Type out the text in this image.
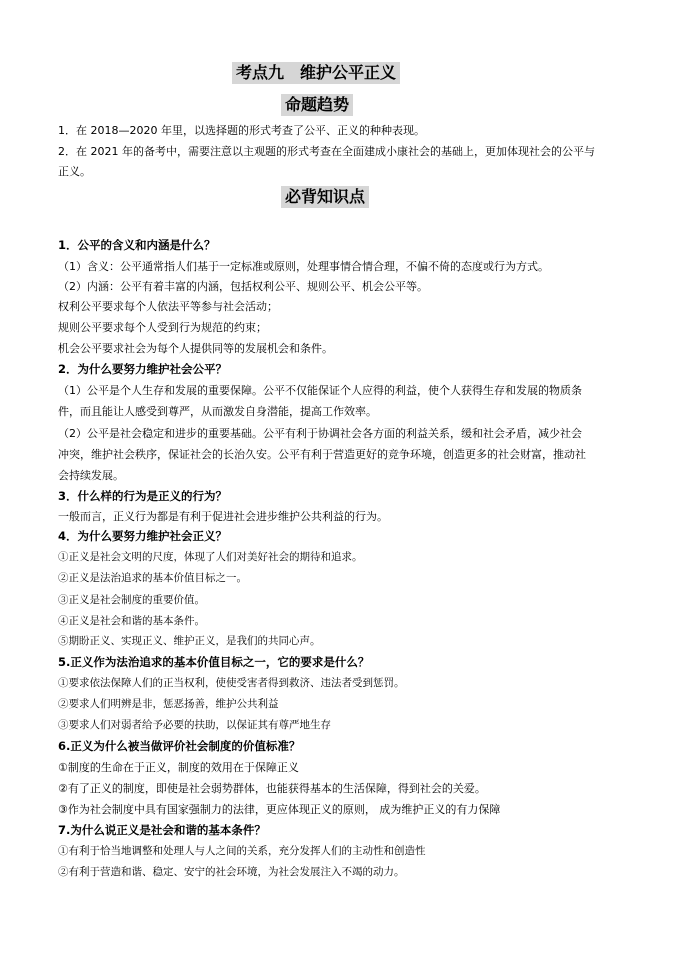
考点九　维护公平正义
命题趋势
1．在 2018—2020 年里，以选择题的形式考查了公平、正义的种种表现。
2．在 2021 年的备考中，需要注意以主观题的形式考查在全面建成小康社会的基础上，更加体现社会的公平与
正义。
必背知识点
1．公平的含义和内涵是什么？
（1）含义：公平通常指人们基于一定标准或原则，处理事情合情合理，不偏不倚的态度或行为方式。
（2）内涵：公平有着丰富的内涵，包括权利公平、规则公平、机会公平等。
权利公平要求每个人依法平等参与社会活动；
规则公平要求每个人受到行为规范的约束；
机会公平要求社会为每个人提供同等的发展机会和条件。
2．为什么要努力维护社会公平？
（1）公平是个人生存和发展的重要保障。公平不仅能保证个人应得的利益，使个人获得生存和发展的物质条
件，而且能让人感受到尊严，从而激发自身潜能，提高工作效率。
（2）公平是社会稳定和进步的重要基础。公平有利于协调社会各方面的利益关系，缓和社会矛盾，减少社会
冲突，维护社会秩序，保证社会的长治久安。公平有利于营造更好的竞争环境，创造更多的社会财富，推动社
会持续发展。
3．什么样的行为是正义的行为？
一般而言，正义行为都是有利于促进社会进步维护公共利益的行为。
4．为什么要努力维护社会正义？
①正义是社会文明的尺度，体现了人们对美好社会的期待和追求。
②正义是法治追求的基本价值目标之一。
③正义是社会制度的重要价值。
④正义是社会和谐的基本条件。
⑤期盼正义、实现正义、维护正义，是我们的共同心声。
5.正义作为法治追求的基本价值目标之一，它的要求是什么？
①要求依法保障人们的正当权利，使使受害者得到救济、违法者受到惩罚。
②要求人们明辨是非，惩恶扬善，维护公共利益
③要求人们对弱者给予必要的扶助，以保证其有尊严地生存
6.正义为什么被当做评价社会制度的价值标准？
①制度的生命在于正义，制度的效用在于保障正义
②有了正义的制度，即使是社会弱势群体，也能获得基本的生活保障，得到社会的关爱。
③作为社会制度中具有国家强制力的法律，更应体现正义的原则， 成为维护正义的有力保障
7.为什么说正义是社会和谐的基本条件？
①有利于恰当地调整和处理人与人之间的关系，充分发挥人们的主动性和创造性
②有利于营造和谐、稳定、安宁的社会环境，为社会发展注入不竭的动力。
